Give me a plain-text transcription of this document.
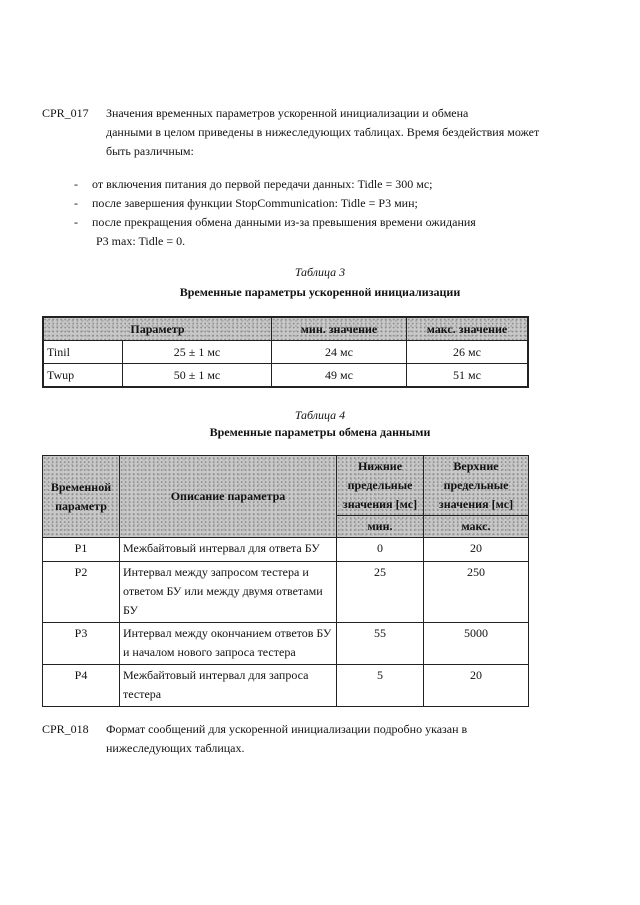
CPR_017 Значения временных параметров ускоренной инициализации и обмена
данными в целом приведены в нижеследующих таблицах. Время бездействия может
быть различным:
- от включения питания до первой передачи данных: Tidle = 300 мс;
- после завершения функции StopCommunication: Tidle = P3 мин;
- после прекращения обмена данными из-за превышения времени ожидания
P3 max: Tidle = 0.
Таблица 3
Временные параметры ускоренной инициализации
Параметр		мин. значение	макс. значение
Tinil	25 ± 1 мс	24 мс	26 мс
Twup	50 ± 1 мс	49 мс	51 мс
Таблица 4
Временные параметры обмена данными
Временной параметр	Описание параметра	Нижние предельные значения [мс]	Верхние предельные значения [мс]
		мин.	макс.
P1	Межбайтовый интервал для ответа БУ	0	20
P2	Интервал между запросом тестера и ответом БУ или между двумя ответами БУ	25	250
P3	Интервал между окончанием ответов БУ и началом нового запроса тестера	55	5000
P4	Межбайтовый интервал для запроса тестера	5	20
CPR_018 Формат сообщений для ускоренной инициализации подробно указан в
нижеследующих таблицах.
